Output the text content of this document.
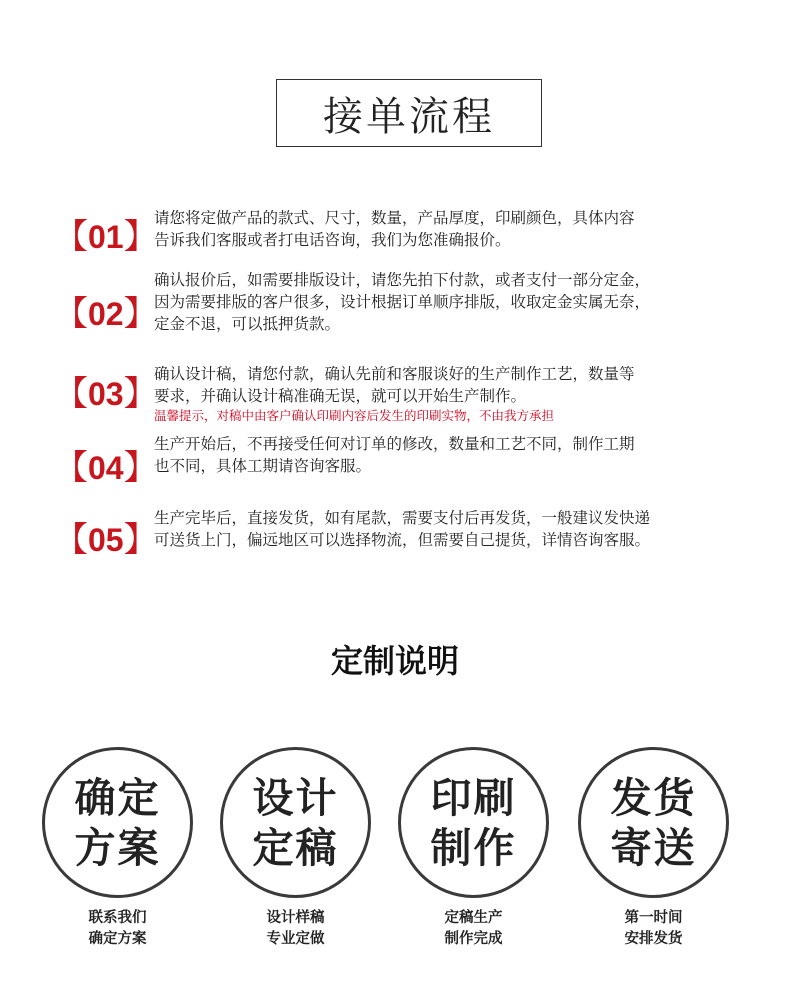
接单流程
【01】

请您将定做产品的款式、尺寸，数量，产品厚度，印刷颜色，具体内容

告诉我们客服或者打电话咨询，我们为您准确报价。

【02】

确认报价后，如需要排版设计，请您先拍下付款，或者支付一部分定金，

因为需要排版的客户很多，设计根据订单顺序排版，收取定金实属无奈，

定金不退，可以抵押货款。

【03】

确认设计稿，请您付款，确认先前和客服谈好的生产制作工艺，数量等

要求，并确认设计稿准确无误，就可以开始生产制作。

温馨提示，对稿中由客户确认印刷内容后发生的印刷实物，不由我方承担

【04】

生产开始后，不再接受任何对订单的修改，数量和工艺不同，制作工期

也不同，具体工期请咨询客服。

【05】

生产完毕后，直接发货，如有尾款，需要支付后再发货，一般建议发快递

可送货上门，偏远地区可以选择物流，但需要自己提货，详情咨询客服。

定制说明
确定
方案
设计
定稿
印刷
制作
发货
寄送
联系我们
确定方案
设计样稿
专业定做
定稿生产
制作完成
第一时间
安排发货
